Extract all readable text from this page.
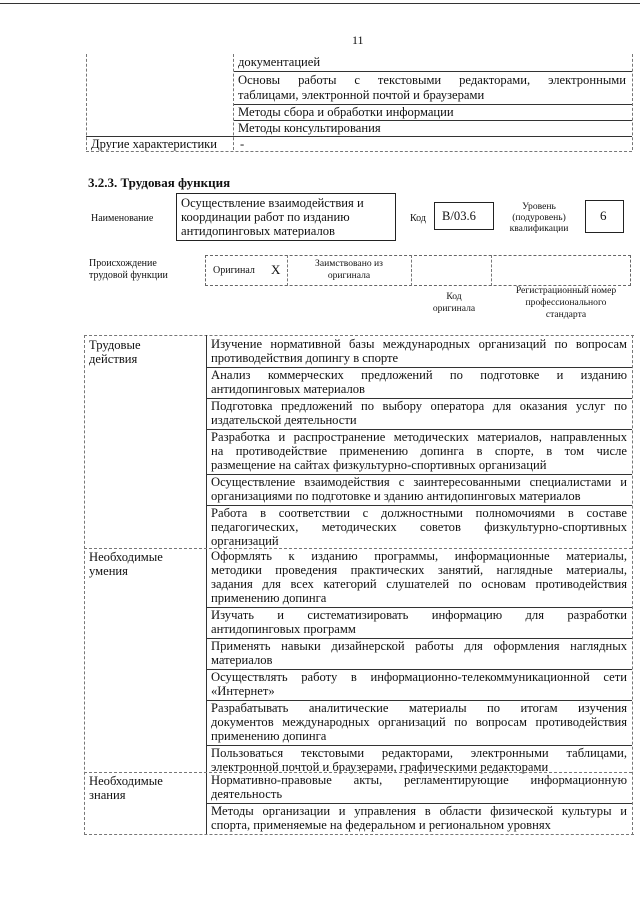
11
документацией
Основы работы с текстовыми редакторами, электронными
таблицами, электронной почтой и браузерами
Методы сбора и обработки информации
Методы консультирования
Другие характеристики -
3.2.3. Трудовая функция
Наименование
Осуществление взаимодействия и
координации работ по изданию
антидопинговых материалов
Код В/03.6
Уровень
(подуровень)
квалификации
6
Происхождение
трудовой функции	Оригинал X	Заимствовано из
оригинала
Код
оригинала
Регистрационный номер
профессионального
стандарта
Трудовые
действия
Изучение нормативной базы международных организаций по вопросам
противодействия допингу в спорте
Анализ коммерческих предложений по подготовке и изданию
антидопинговых материалов
Подготовка предложений по выбору оператора для оказания услуг по
издательской деятельности
Разработка и распространение методических материалов, направленных
на противодействие применению допинга в спорте, в том числе
размещение на сайтах физкультурно-спортивных организаций
Осуществление взаимодействия с заинтересованными специалистами и
организациями по подготовке и зданию антидопинговых материалов
Работа в соответствии с должностными полномочиями в составе
педагогических, методических советов физкультурно-спортивных
организаций
Необходимые
умения
Оформлять к изданию программы, информационные материалы,
методики проведения практических занятий, наглядные материалы,
задания для всех категорий слушателей по основам противодействия
применению допинга
Изучать и систематизировать информацию для разработки
антидопинговых программ
Применять навыки дизайнерской работы для оформления наглядных
материалов
Осуществлять работу в информационно-телекоммуникационной сети
«Интернет»
Разрабатывать аналитические материалы по итогам изучения
документов международных организаций по вопросам противодействия
применению допинга
Пользоваться текстовыми редакторами, электронными таблицами,
электронной почтой и браузерами, графическими редакторами
Необходимые
знания
Нормативно-правовые акты, регламентирующие информационную
деятельность
Методы организации и управления в области физической культуры и
спорта, применяемые на федеральном и региональном уровнях
